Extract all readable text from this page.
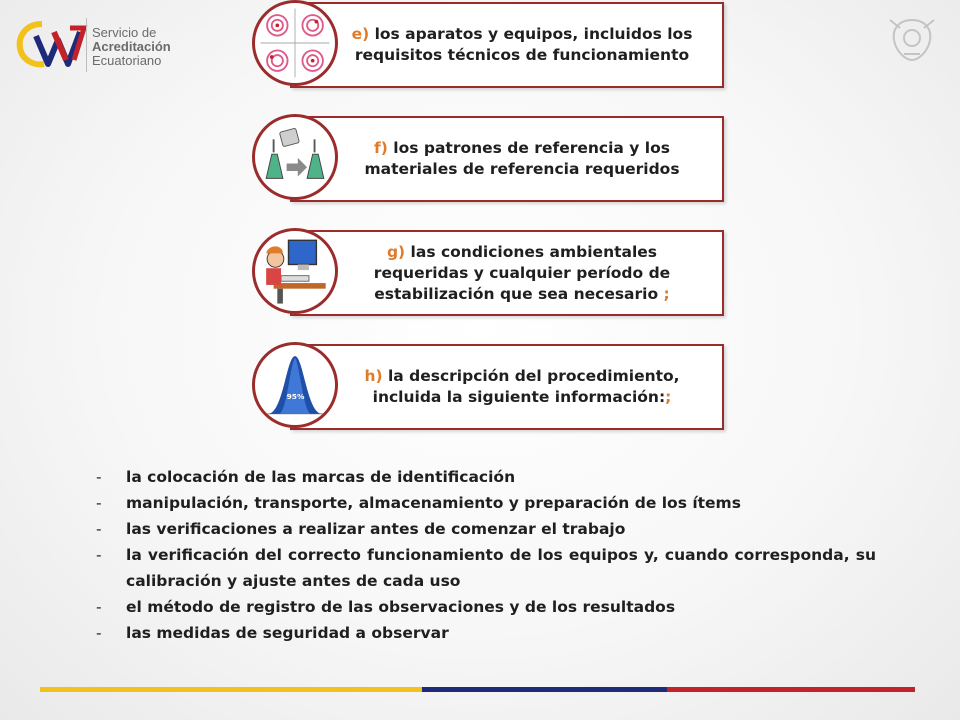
Servicio de
Acreditación
Ecuatoriano

e) los aparatos y equipos, incluidos los requisitos técnicos de funcionamiento

f) los patrones de referencia y los materiales de referencia requeridos

g) las condiciones ambientales requeridas y cualquier período de estabilización que sea necesario ;

h) la descripción del procedimiento, incluida la siguiente información:;

95%
- la colocación de las marcas de identificación
- manipulación, transporte, almacenamiento y preparación de los ítems
- las verificaciones a realizar antes de comenzar el trabajo
- la verificación del correcto funcionamiento de los equipos y, cuando corresponda, su calibración y ajuste antes de cada uso
- el método de registro de las observaciones y de los resultados
- las medidas de seguridad a observar
